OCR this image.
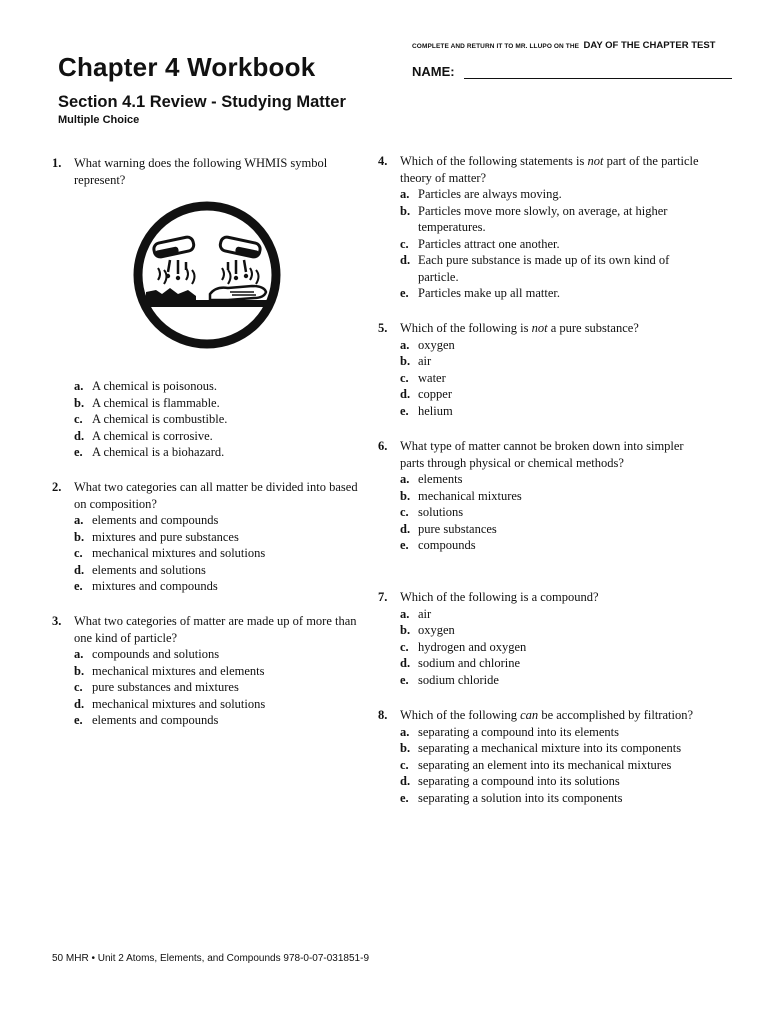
COMPLETE AND RETURN IT TO MR. LLUPO ON THE DAY OF THE CHAPTER TEST
Chapter 4 Workbook	NAME:
Section 4.1 Review - Studying Matter
Multiple Choice
1. What warning does the following WHMIS symbol represent?
a. A chemical is poisonous.
b. A chemical is flammable.
c. A chemical is combustible.
d. A chemical is corrosive.
e. A chemical is a biohazard.
2. What two categories can all matter be divided into based on composition?
a. elements and compounds
b. mixtures and pure substances
c. mechanical mixtures and solutions
d. elements and solutions
e. mixtures and compounds
3. What two categories of matter are made up of more than one kind of particle?
a. compounds and solutions
b. mechanical mixtures and elements
c. pure substances and mixtures
d. mechanical mixtures and solutions
e. elements and compounds
4. Which of the following statements is not part of the particle theory of matter?
a. Particles are always moving.
b. Particles move more slowly, on average, at higher temperatures.
c. Particles attract one another.
d. Each pure substance is made up of its own kind of particle.
e. Particles make up all matter.
5. Which of the following is not a pure substance?
a. oxygen
b. air
c. water
d. copper
e. helium
6. What type of matter cannot be broken down into simpler parts through physical or chemical methods?
a. elements
b. mechanical mixtures
c. solutions
d. pure substances
e. compounds
7. Which of the following is a compound?
a. air
b. oxygen
c. hydrogen and oxygen
d. sodium and chlorine
e. sodium chloride
8. Which of the following can be accomplished by filtration?
a. separating a compound into its elements
b. separating a mechanical mixture into its components
c. separating an element into its mechanical mixtures
d. separating a compound into its solutions
e. separating a solution into its components
50 MHR • Unit 2 Atoms, Elements, and Compounds 978-0-07-031851-9
